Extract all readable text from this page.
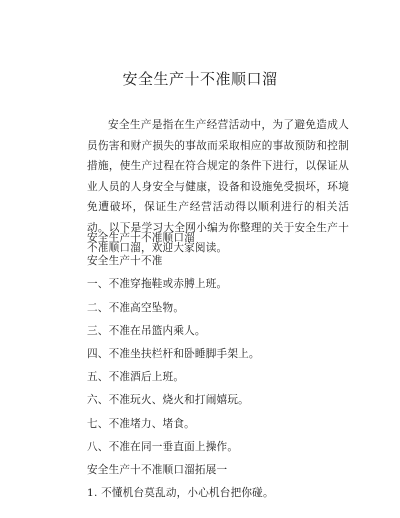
安全生产十不准顺口溜

安全生产是指在生产经营活动中，为了避免造成人员伤害和财产损失的事故而采取相应的事故预防和控制措施，使生产过程在符合规定的条件下进行，以保证从业人员的人身安全与健康，设备和设施免受损坏，环境免遭破坏，保证生产经营活动得以顺利进行的相关活动。以下是学习大全网小编为你整理的关于安全生产十不准顺口溜，欢迎大家阅读。

安全生产十不准顺口溜
安全生产十不准
一、不准穿拖鞋或赤膊上班。
二、不准高空坠物。
三、不准在吊篮内乘人。
四、不准坐扶栏杆和卧睡脚手架上。
五、不准酒后上班。
六、不准玩火、烧火和打闹嬉玩。
七、不准堵力、堵食。
八、不准在同一垂直面上操作。
安全生产十不准顺口溜拓展一
1. 不懂机台莫乱动，小心机台把你碰。
